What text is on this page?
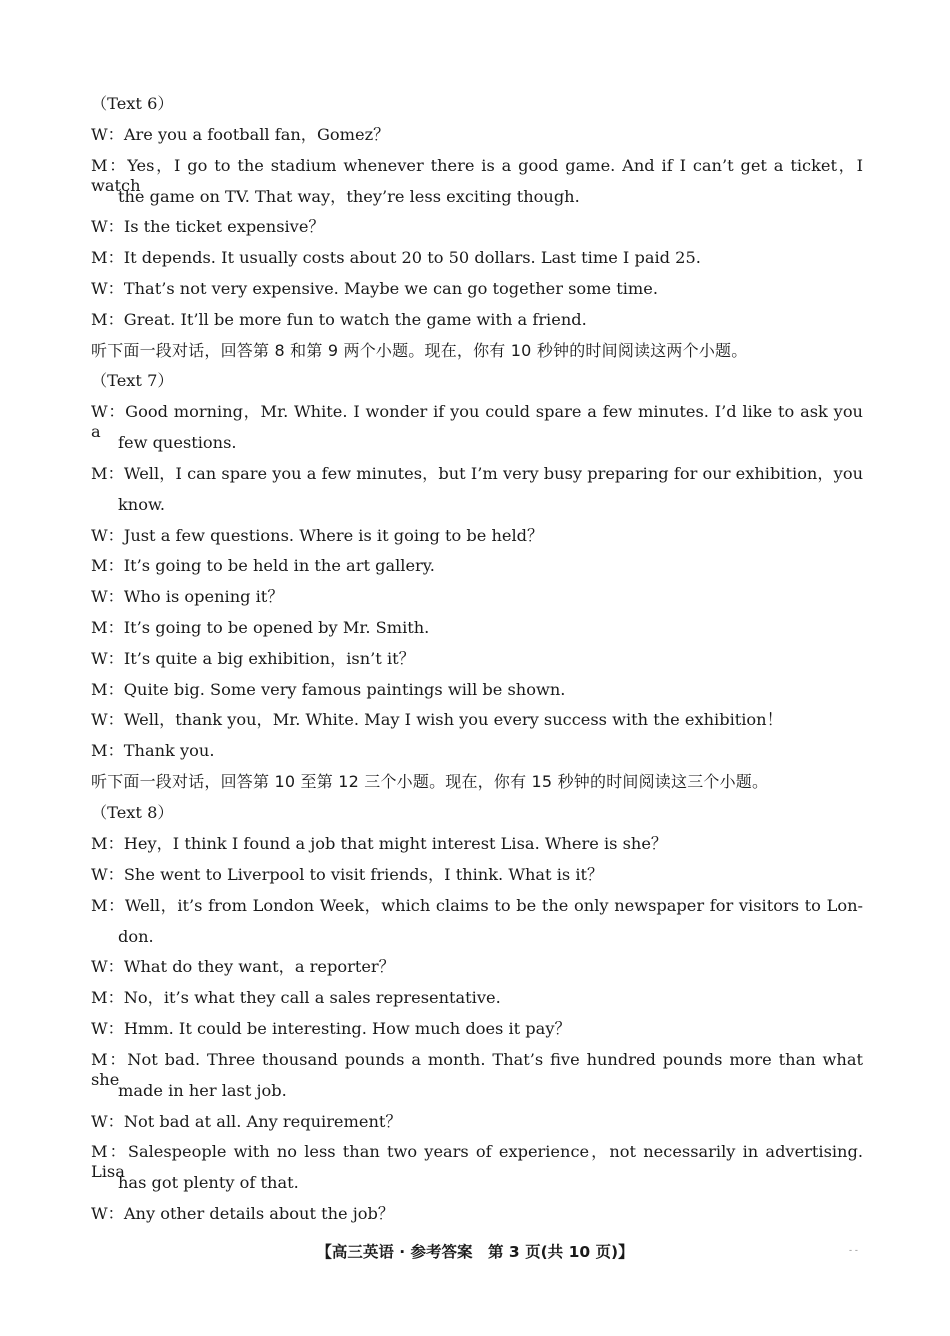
（Text 6）
W：Are you a football fan，Gomez？
M：Yes，I go to the stadium whenever there is a good game. And if I can’t get a ticket，I watch
the game on TV. That way，they’re less exciting though.
W：Is the ticket expensive？
M：It depends. It usually costs about 20 to 50 dollars. Last time I paid 25.
W：That’s not very expensive. Maybe we can go together some time.
M：Great. It’ll be more fun to watch the game with a friend.
听下面一段对话，回答第 8 和第 9 两个小题。现在，你有 10 秒钟的时间阅读这两个小题。
（Text 7）
W：Good morning，Mr. White. I wonder if you could spare a few minutes. I’d like to ask you a
few questions.
M：Well，I can spare you a few minutes，but I’m very busy preparing for our exhibition，you
know.
W：Just a few questions. Where is it going to be held？
M：It’s going to be held in the art gallery.
W：Who is opening it？
M：It’s going to be opened by Mr. Smith.
W：It’s quite a big exhibition，isn’t it？
M：Quite big. Some very famous paintings will be shown.
W：Well，thank you，Mr. White. May I wish you every success with the exhibition！
M：Thank you.
听下面一段对话，回答第 10 至第 12 三个小题。现在，你有 15 秒钟的时间阅读这三个小题。
（Text 8）
M：Hey，I think I found a job that might interest Lisa. Where is she？
W：She went to Liverpool to visit friends，I think. What is it？
M：Well，it’s from London Week，which claims to be the only newspaper for visitors to Lon-
don.
W：What do they want，a reporter？
M：No，it’s what they call a sales representative.
W：Hmm. It could be interesting. How much does it pay？
M：Not bad. Three thousand pounds a month. That’s five hundred pounds more than what she
made in her last job.
W：Not bad at all. Any requirement？
M：Salespeople with no less than two years of experience，not necessarily in advertising. Lisa
has got plenty of that.
W：Any other details about the job？
【高三英语 · 参考答案　第 3 页(共 10 页)】	- -
